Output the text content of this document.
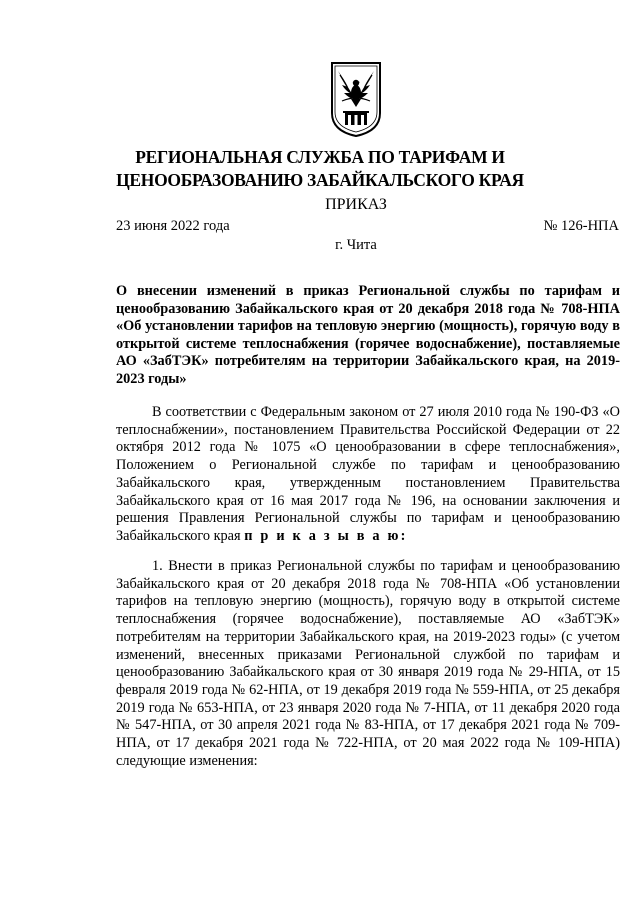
РЕГИОНАЛЬНАЯ СЛУЖБА ПО ТАРИФАМ И
ЦЕНООБРАЗОВАНИЮ ЗАБАЙКАЛЬСКОГО КРАЯ
ПРИКАЗ
23 июня 2022 года	№ 126-НПА
г. Чита

О внесении изменений в приказ Региональной службы по тарифам и ценообразованию Забайкальского края от 20 декабря 2018 года № 708-НПА «Об установлении тарифов на тепловую энергию (мощность), горячую воду в открытой системе теплоснабжения (горячее водоснабжение), поставляемые АО «ЗабТЭК» потребителям на территории Забайкальского края, на 2019-2023 годы»

В соответствии с Федеральным законом от 27 июля 2010 года № 190-ФЗ «О теплоснабжении», постановлением Правительства Российской Федерации от 22 октября 2012 года № 1075 «О ценообразовании в сфере теплоснабжения», Положением о Региональной службе по тарифам и ценообразованию Забайкальского края, утвержденным постановлением Правительства Забайкальского края от 16 мая 2017 года № 196, на основании заключения и решения Правления Региональной службы по тарифам и ценообразованию Забайкальского края п р и к а з ы в а ю:

1. Внести в приказ Региональной службы по тарифам и ценообразованию Забайкальского края от 20 декабря 2018 года № 708-НПА «Об установлении тарифов на тепловую энергию (мощность), горячую воду в открытой системе теплоснабжения (горячее водоснабжение), поставляемые АО «ЗабТЭК» потребителям на территории Забайкальского края, на 2019-2023 годы» (с учетом изменений, внесенных приказами Региональной службой по тарифам и ценообразованию Забайкальского края от 30 января 2019 года № 29-НПА, от 15 февраля 2019 года № 62-НПА, от 19 декабря 2019 года № 559-НПА, от 25 декабря 2019 года № 653-НПА, от 23 января 2020 года № 7-НПА, от 11 декабря 2020 года № 547-НПА, от 30 апреля 2021 года № 83-НПА, от 17 декабря 2021 года № 709-НПА, от 17 декабря 2021 года № 722-НПА, от 20 мая 2022 года № 109-НПА) следующие изменения:
